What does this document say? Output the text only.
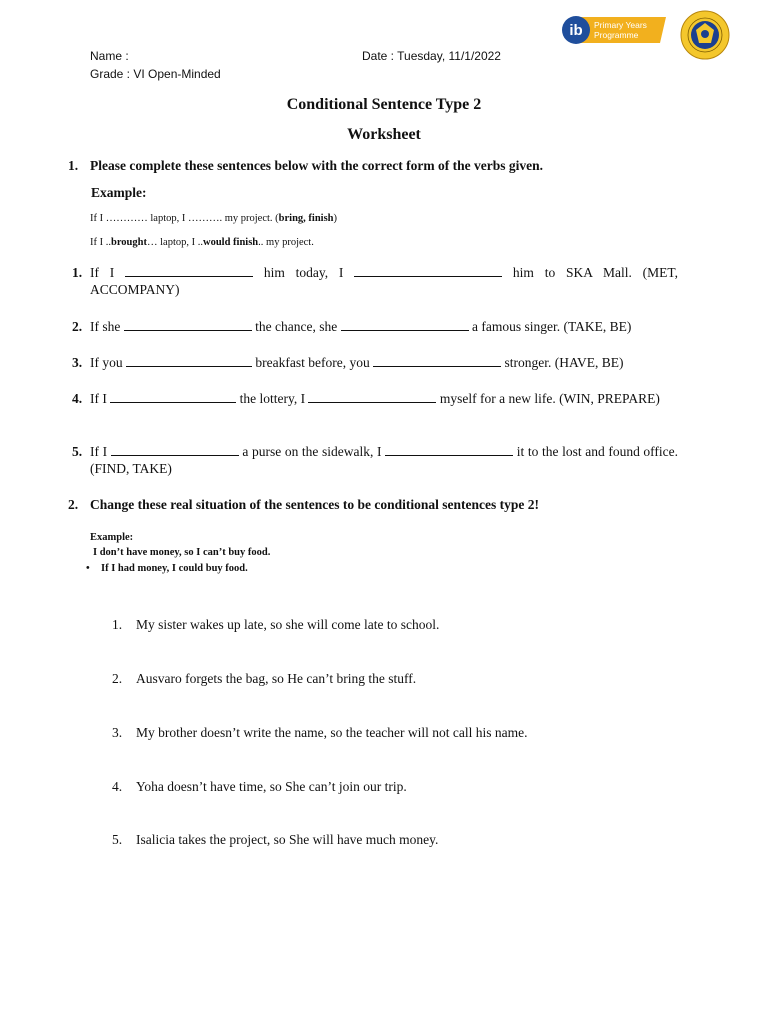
Name :
Grade : VI Open-Minded
Date : Tuesday, 11/1/2022
ib Primary Years
Programme
Conditional Sentence Type 2
Worksheet
1. Please complete these sentences below with the correct form of the verbs given.
Example:
If I ………… laptop, I ………. my project. (bring, finish)
If I ..brought… laptop, I ..would finish.. my project.
1. If I	him today, I	him to SKA Mall. (MET, ACCOMPANY)
2. If she	the chance, she	a famous singer. (TAKE, BE)
3. If you	breakfast before, you	stronger. (HAVE, BE)
4. If I	the lottery, I	myself for a new life. (WIN, PREPARE)
5. If I	a purse on the sidewalk, I	it to the lost and found office. (FIND, TAKE)
2. Change these real situation of the sentences to be conditional sentences type 2!
Example:
I don’t have money, so I can’t buy food.
• If I had money, I could buy food.
1. My sister wakes up late, so she will come late to school.
2. Ausvaro forgets the bag, so He can’t bring the stuff.
3. My brother doesn’t write the name, so the teacher will not call his name.
4. Yoha doesn’t have time, so She can’t join our trip.
5. Isalicia takes the project, so She will have much money.
